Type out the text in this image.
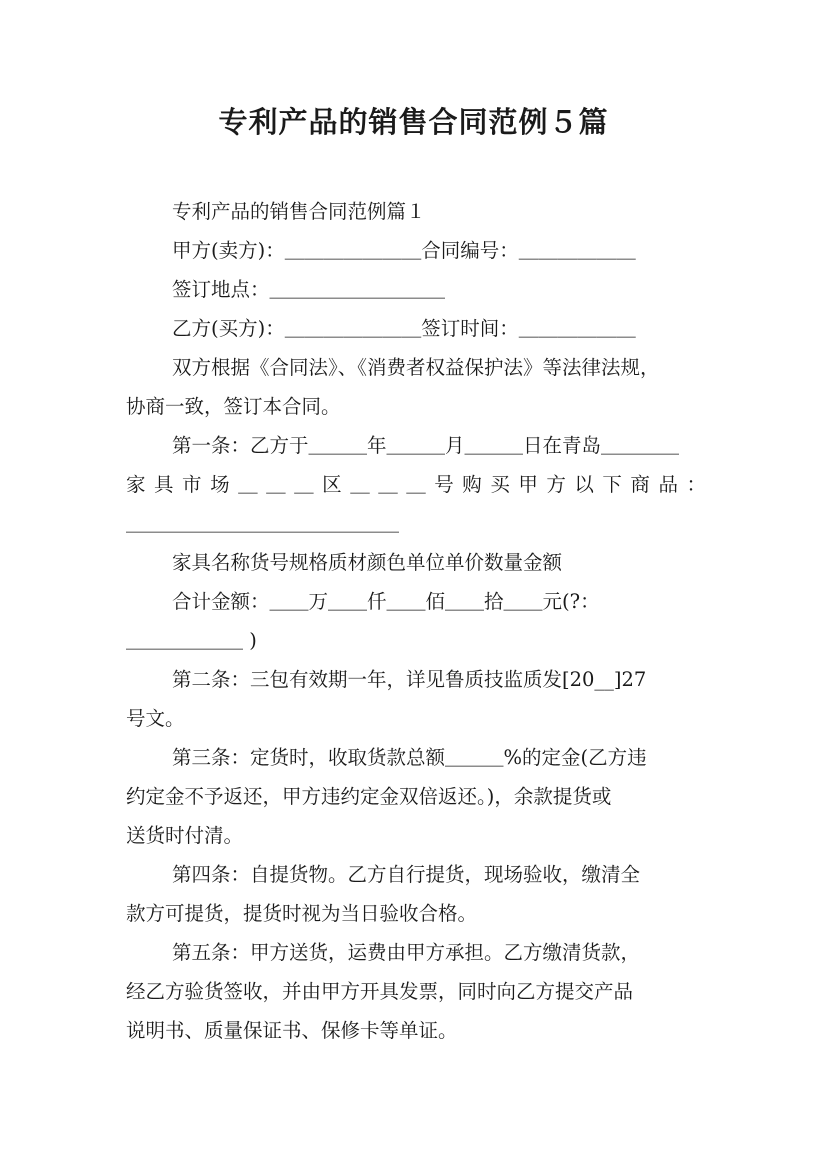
专利产品的销售合同范例５篇
专利产品的销售合同范例篇１
甲方(卖方)：＿＿＿＿＿＿＿合同编号：＿＿＿＿＿＿
签订地点：＿＿＿＿＿＿＿＿＿
乙方(买方)：＿＿＿＿＿＿＿签订时间：＿＿＿＿＿＿
双方根据《合同法》、《消费者权益保护法》等法律法规，
协商一致，签订本合同。
第一条：乙方于＿＿＿年＿＿＿月＿＿＿日在青岛＿＿＿＿
家具市场＿＿＿区＿＿＿号购买甲方以下商品：
＿＿＿＿＿＿＿＿＿＿＿＿＿＿
家具名称货号规格质材颜色单位单价数量金额
合计金额：＿＿万＿＿仟＿＿佰＿＿拾＿＿元(?：
＿＿＿＿＿＿ )
第二条：三包有效期一年，详见鲁质技监质发[20__]27
号文。
第三条：定货时，收取货款总额＿＿＿%的定金(乙方违
约定金不予返还，甲方违约定金双倍返还。)，余款提货或
送货时付清。
第四条：自提货物。乙方自行提货，现场验收，缴清全
款方可提货，提货时视为当日验收合格。
第五条：甲方送货，运费由甲方承担。乙方缴清货款，
经乙方验货签收，并由甲方开具发票，同时向乙方提交产品
说明书、质量保证书、保修卡等单证。
